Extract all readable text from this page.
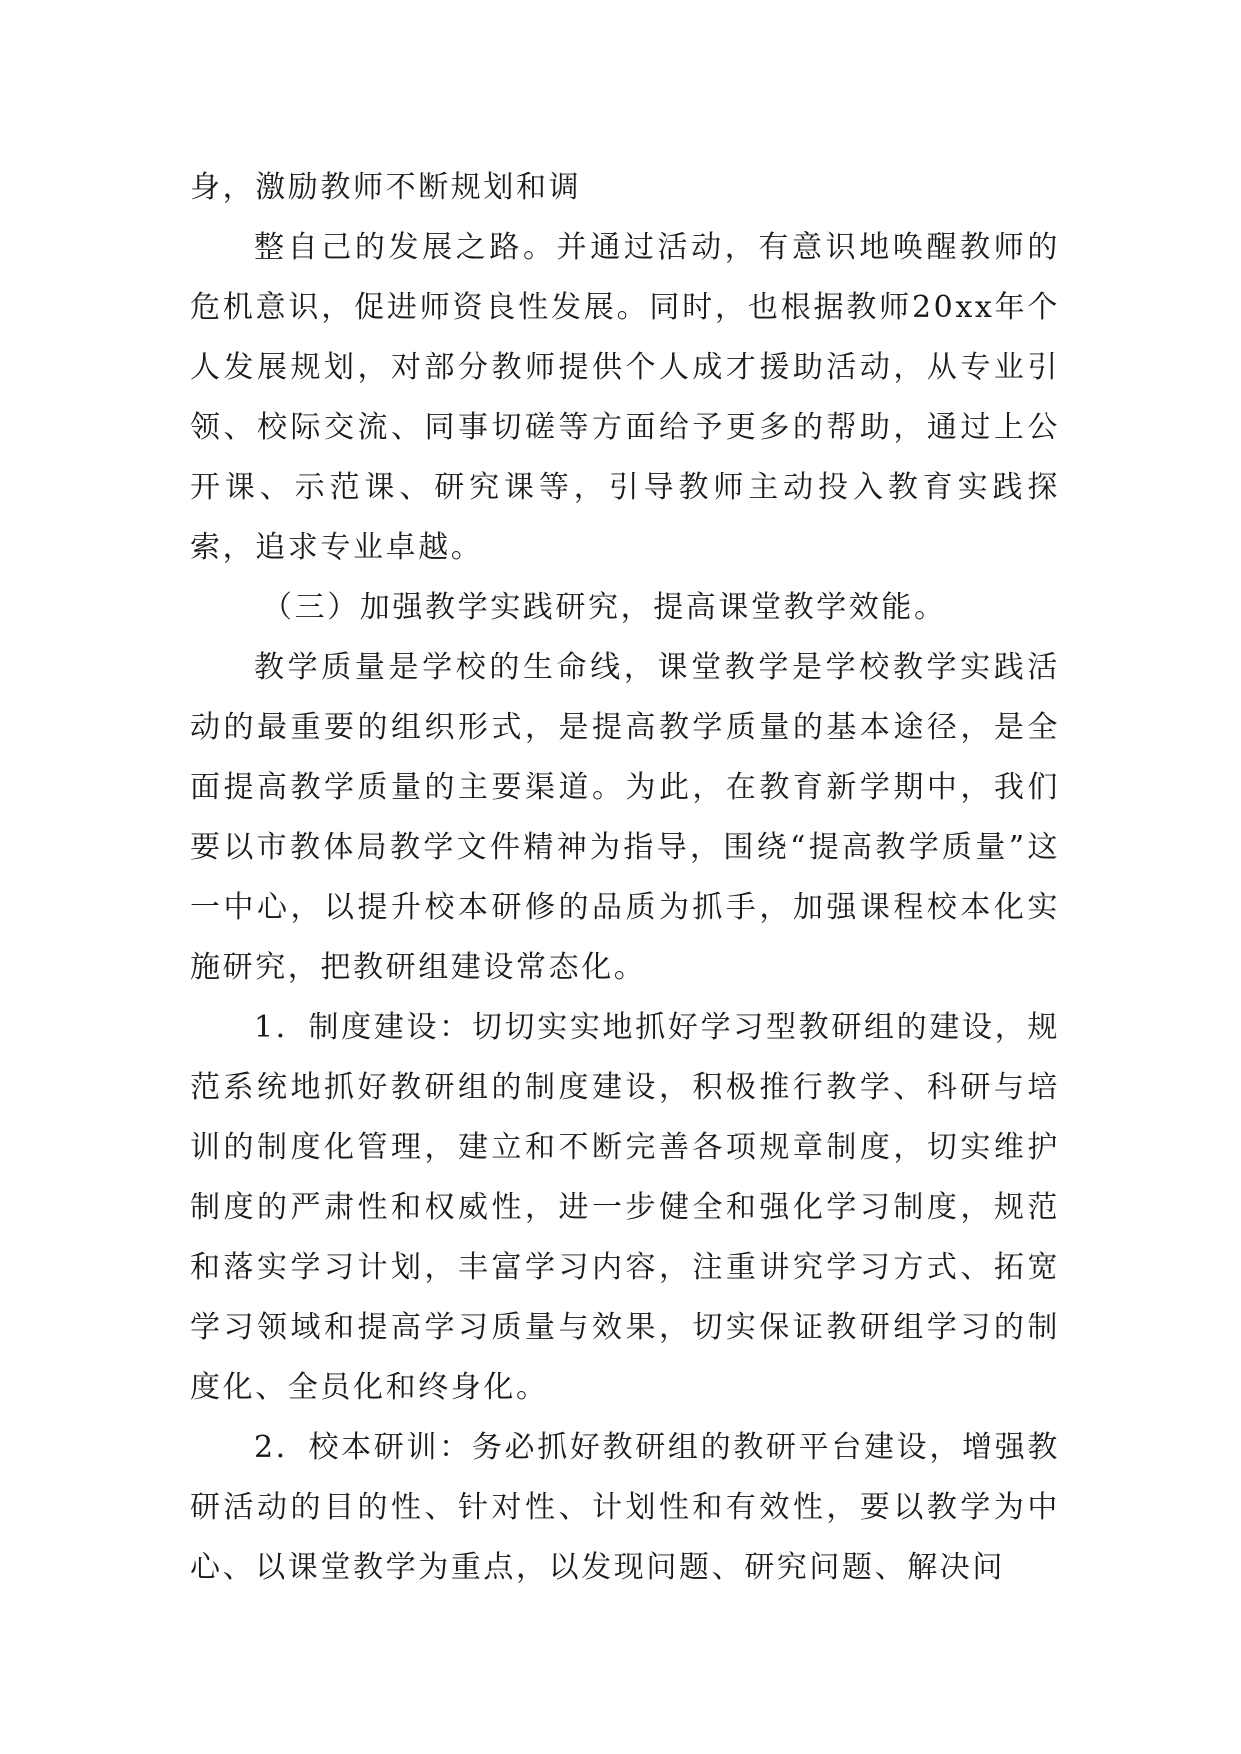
身，激励教师不断规划和调

整自己的发展之路。并通过活动，有意识地唤醒教师的危机意识，促进师资良性发展。同时，也根据教师20xx年个人发展规划，对部分教师提供个人成才援助活动，从专业引领、校际交流、同事切磋等方面给予更多的帮助，通过上公开课、示范课、研究课等，引导教师主动投入教育实践探索，追求专业卓越。

（三）加强教学实践研究，提高课堂教学效能。

教学质量是学校的生命线，课堂教学是学校教学实践活动的最重要的组织形式，是提高教学质量的基本途径，是全面提高教学质量的主要渠道。为此，在教育新学期中，我们要以市教体局教学文件精神为指导，围绕“提高教学质量”这一中心，以提升校本研修的品质为抓手，加强课程校本化实施研究，把教研组建设常态化。

1．制度建设：切切实实地抓好学习型教研组的建设，规范系统地抓好教研组的制度建设，积极推行教学、科研与培训的制度化管理，建立和不断完善各项规章制度，切实维护制度的严肃性和权威性，进一步健全和强化学习制度，规范和落实学习计划，丰富学习内容，注重讲究学习方式、拓宽学习领域和提高学习质量与效果，切实保证教研组学习的制度化、全员化和终身化。

2．校本研训：务必抓好教研组的教研平台建设，增强教研活动的目的性、针对性、计划性和有效性，要以教学为中心、以课堂教学为重点，以发现问题、研究问题、解决问
